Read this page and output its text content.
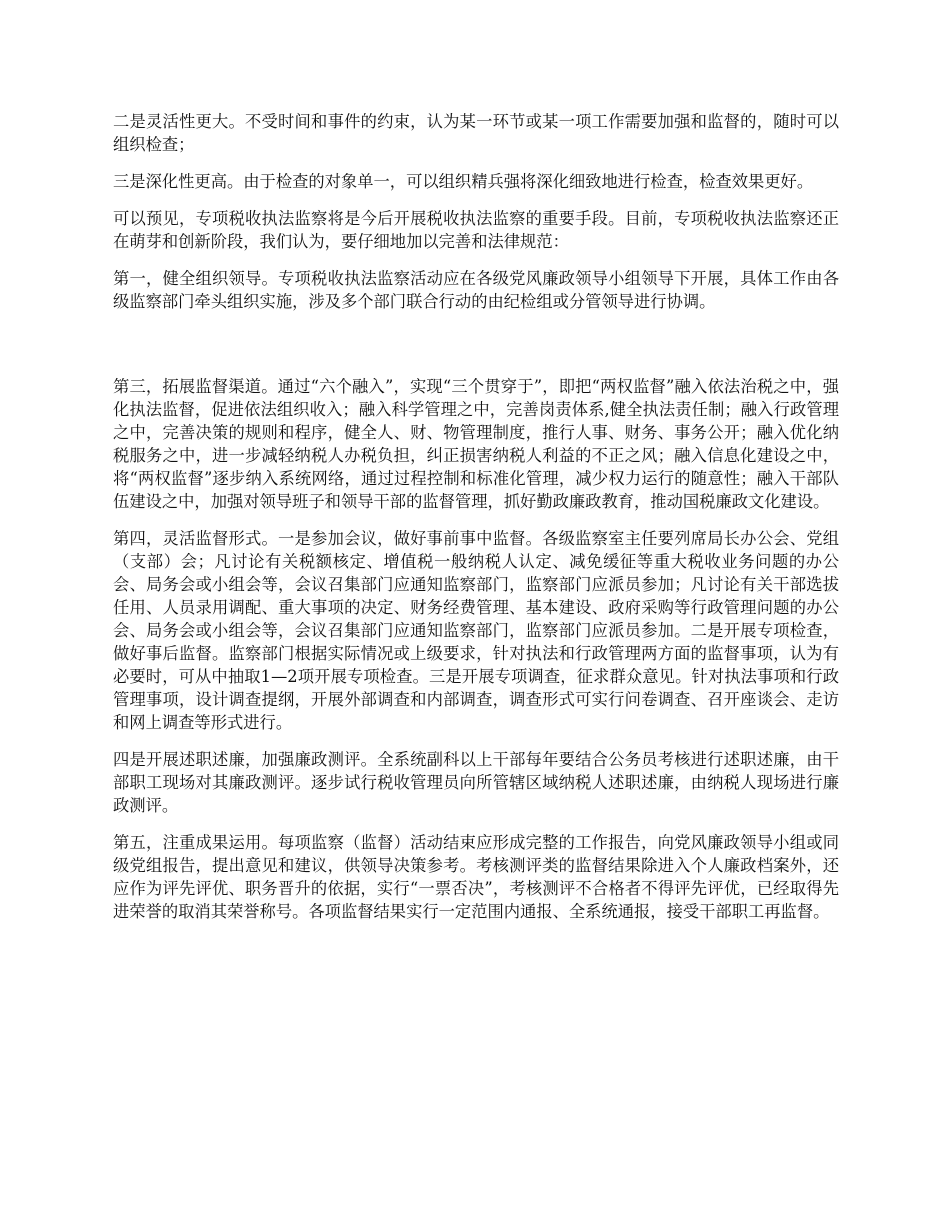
二是灵活性更大。不受时间和事件的约束，认为某一环节或某一项工作需要加强和监督的，随时可以组织检查；

三是深化性更高。由于检查的对象单一，可以组织精兵强将深化细致地进行检查，检查效果更好。

可以预见，专项税收执法监察将是今后开展税收执法监察的重要手段。目前，专项税收执法监察还正在萌芽和创新阶段，我们认为，要仔细地加以完善和法律规范：

第一，健全组织领导。专项税收执法监察活动应在各级党风廉政领导小组领导下开展，具体工作由各级监察部门牵头组织实施，涉及多个部门联合行动的由纪检组或分管领导进行协调。

第三，拓展监督渠道。通过“六个融入”，实现“三个贯穿于”，即把“两权监督”融入依法治税之中，强化执法监督，促进依法组织收入；融入科学管理之中，完善岗责体系,健全执法责任制；融入行政管理之中，完善决策的规则和程序，健全人、财、物管理制度，推行人事、财务、事务公开；融入优化纳税服务之中，进一步减轻纳税人办税负担，纠正损害纳税人利益的不正之风；融入信息化建设之中，将“两权监督”逐步纳入系统网络，通过过程控制和标准化管理，减少权力运行的随意性；融入干部队伍建设之中，加强对领导班子和领导干部的监督管理，抓好勤政廉政教育，推动国税廉政文化建设。

第四，灵活监督形式。一是参加会议，做好事前事中监督。各级监察室主任要列席局长办公会、党组（支部）会；凡讨论有关税额核定、增值税一般纳税人认定、减免缓征等重大税收业务问题的办公会、局务会或小组会等，会议召集部门应通知监察部门，监察部门应派员参加；凡讨论有关干部选拔任用、人员录用调配、重大事项的决定、财务经费管理、基本建设、政府采购等行政管理问题的办公会、局务会或小组会等，会议召集部门应通知监察部门，监察部门应派员参加。二是开展专项检查，做好事后监督。监察部门根据实际情况或上级要求，针对执法和行政管理两方面的监督事项，认为有必要时，可从中抽取1—2项开展专项检查。三是开展专项调查，征求群众意见。针对执法事项和行政管理事项，设计调查提纲，开展外部调查和内部调查，调查形式可实行问卷调查、召开座谈会、走访和网上调查等形式进行。

四是开展述职述廉，加强廉政测评。全系统副科以上干部每年要结合公务员考核进行述职述廉，由干部职工现场对其廉政测评。逐步试行税收管理员向所管辖区域纳税人述职述廉，由纳税人现场进行廉政测评。

第五，注重成果运用。每项监察（监督）活动结束应形成完整的工作报告，向党风廉政领导小组或同级党组报告，提出意见和建议，供领导决策参考。考核测评类的监督结果除进入个人廉政档案外，还应作为评先评优、职务晋升的依据，实行“一票否决”，考核测评不合格者不得评先评优，已经取得先进荣誉的取消其荣誉称号。各项监督结果实行一定范围内通报、全系统通报，接受干部职工再监督。
